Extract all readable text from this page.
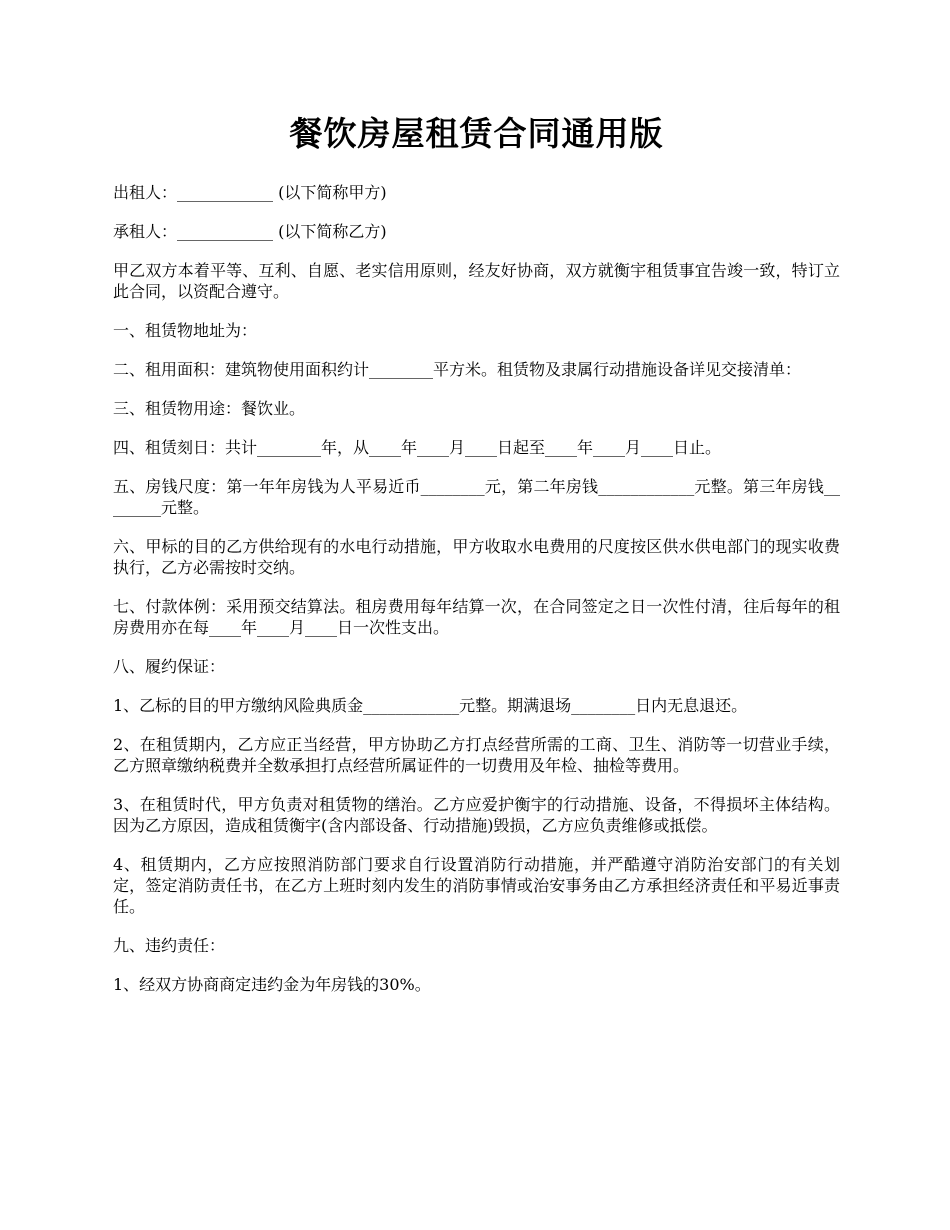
餐饮房屋租赁合同通用版

出租人：____________ (以下简称甲方)

承租人：____________ (以下简称乙方)

甲乙双方本着平等、互利、自愿、老实信用原则，经友好协商，双方就衡宇租赁事宜告竣一致，特订立此合同，以资配合遵守。

一、租赁物地址为：

二、租用面积：建筑物使用面积约计________平方米。租赁物及隶属行动措施设备详见交接清单：

三、租赁物用途：餐饮业。

四、租赁刻日：共计________年，从____年____月____日起至____年____月____日止。

五、房钱尺度：第一年年房钱为人平易近币________元，第二年房钱____________元整。第三年房钱________元整。

六、甲标的目的乙方供给现有的水电行动措施，甲方收取水电费用的尺度按区供水供电部门的现实收费执行，乙方必需按时交纳。

七、付款体例：采用预交结算法。租房费用每年结算一次，在合同签定之日一次性付清，往后每年的租房费用亦在每____年____月____日一次性支出。

八、履约保证：

1、乙标的目的甲方缴纳风险典质金____________元整。期满退场________日内无息退还。

2、在租赁期内，乙方应正当经营，甲方协助乙方打点经营所需的工商、卫生、消防等一切营业手续，乙方照章缴纳税费并全数承担打点经营所属证件的一切费用及年检、抽检等费用。

3、在租赁时代，甲方负责对租赁物的缮治。乙方应爱护衡宇的行动措施、设备，不得损坏主体结构。因为乙方原因，造成租赁衡宇(含内部设备、行动措施)毁损，乙方应负责维修或抵偿。

4、租赁期内，乙方应按照消防部门要求自行设置消防行动措施，并严酷遵守消防治安部门的有关划定，签定消防责任书，在乙方上班时刻内发生的消防事情或治安事务由乙方承担经济责任和平易近事责任。

九、违约责任：

1、经双方协商商定违约金为年房钱的30%。
